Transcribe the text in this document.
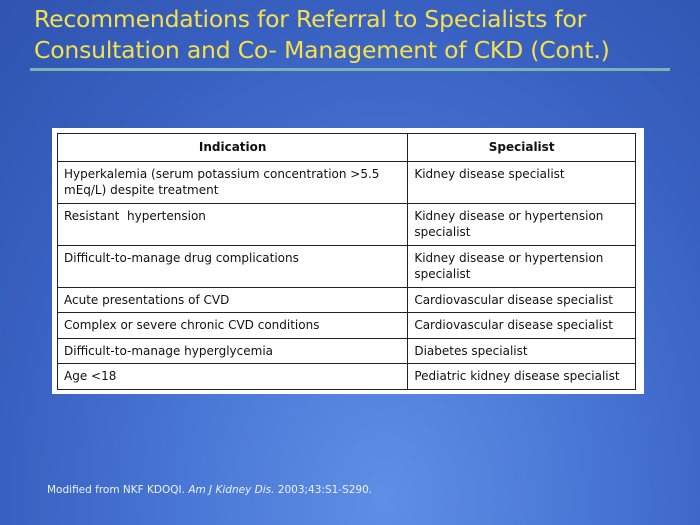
Recommendations for Referral to Specialists for
Consultation and Co- Management of CKD (Cont.)
Indication	Specialist
Hyperkalemia (serum potassium concentration >5.5 mEq/L) despite treatment	Kidney disease specialist
Resistant  hypertension	Kidney disease or hypertension specialist
Difficult-to-manage drug complications	Kidney disease or hypertension specialist
Acute presentations of CVD	Cardiovascular disease specialist
Complex or severe chronic CVD conditions	Cardiovascular disease specialist
Difficult-to-manage hyperglycemia	Diabetes specialist
Age <18	Pediatric kidney disease specialist
Modified from NKF KDOQI. Am J Kidney Dis. 2003;43:S1-S290.
